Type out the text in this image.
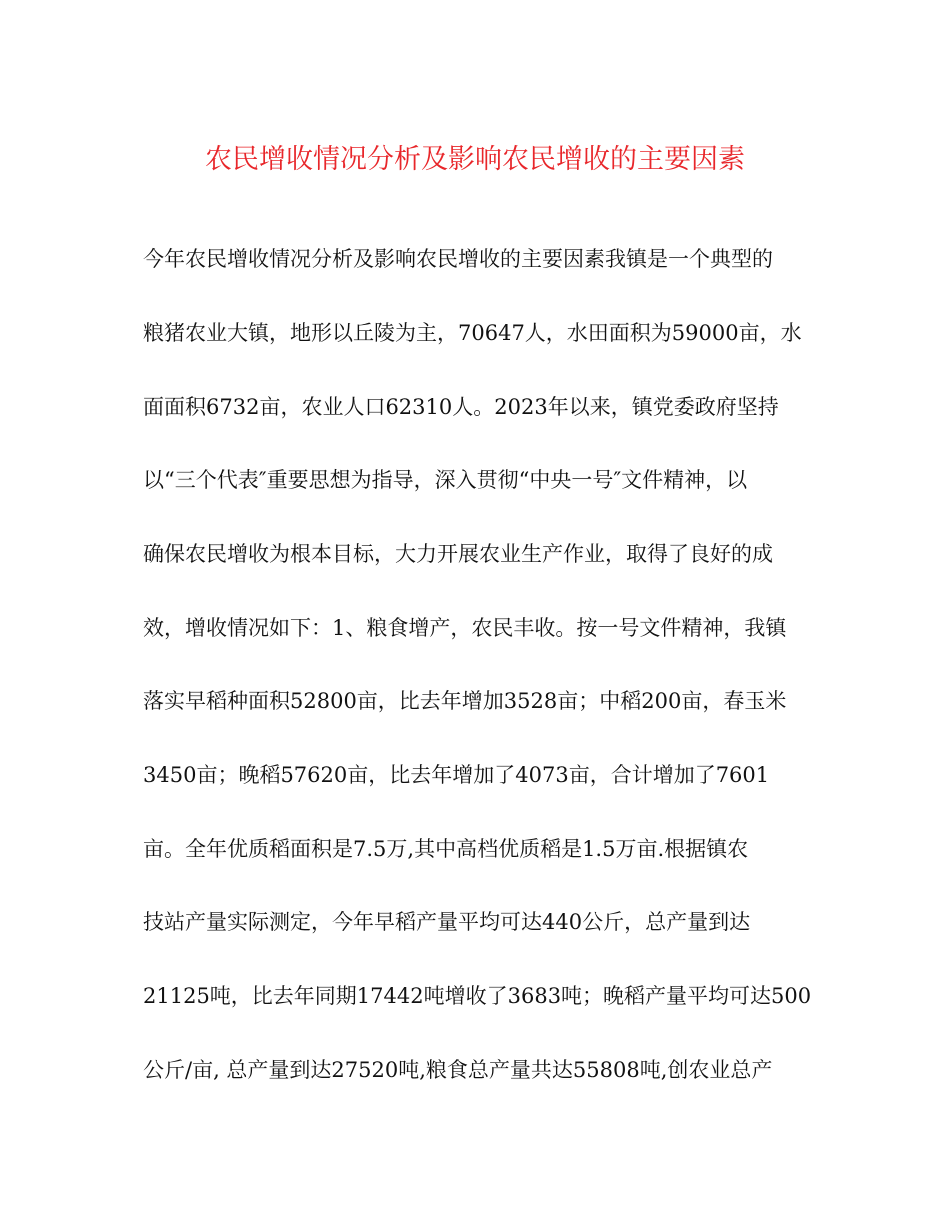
农民增收情况分析及影响农民增收的主要因素
今年农民增收情况分析及影响农民增收的主要因素我镇是一个典型的
粮猪农业大镇，地形以丘陵为主，70647人，水田面积为59000亩，水
面面积6732亩，农业人口62310人。2023年以来，镇党委政府坚持
以“三个代表″重要思想为指导，深入贯彻“中央一号″文件精神，以
确保农民增收为根本目标，大力开展农业生产作业，取得了良好的成
效，增收情况如下：1、粮食增产，农民丰收。按一号文件精神，我镇
落实早稻种面积52800亩，比去年增加3528亩；中稻200亩，春玉米
3450亩；晚稻57620亩，比去年增加了4073亩，合计增加了7601
亩。全年优质稻面积是7.5万,其中高档优质稻是1.5万亩.根据镇农
技站产量实际测定，今年早稻产量平均可达440公斤，总产量到达
21125吨，比去年同期17442吨增收了3683吨；晚稻产量平均可达500
公斤/亩, 总产量到达27520吨,粮食总产量共达55808吨,创农业总产
